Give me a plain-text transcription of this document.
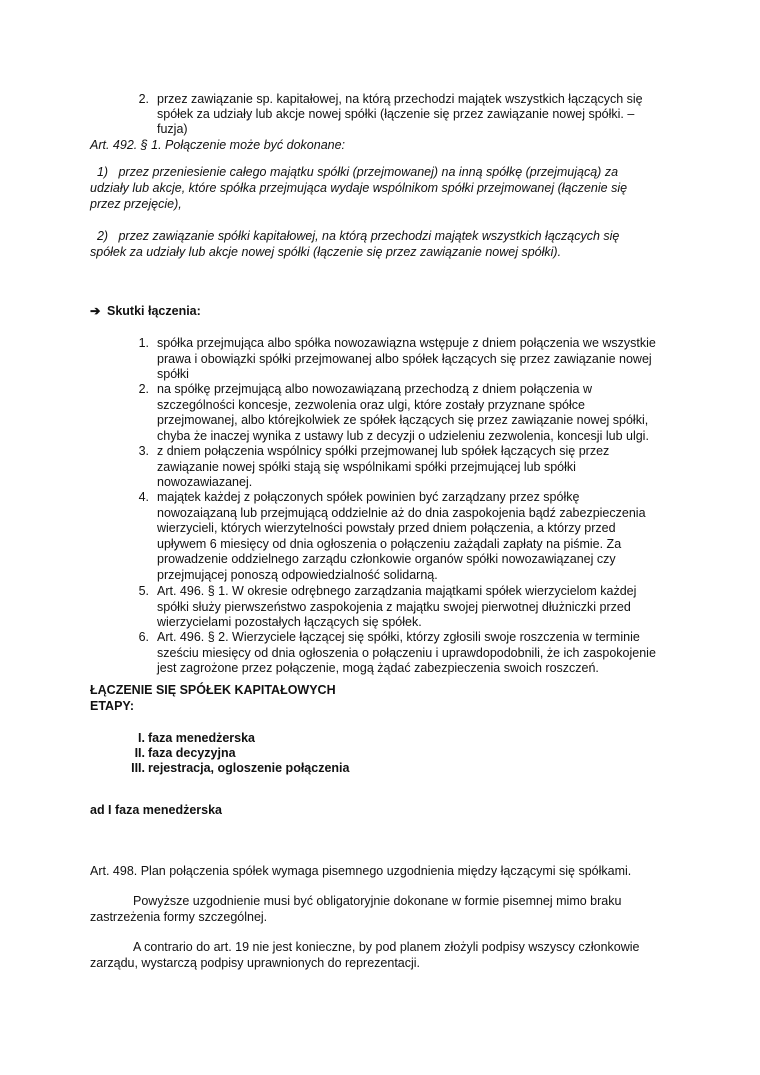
2. przez zawiązanie sp. kapitałowej, na którą przechodzi majątek wszystkich łączących się
spółek za udziały lub akcje nowej spółki (łączenie się przez zawiązanie nowej spółki. –
fuzja)
Art. 492. § 1. Połączenie może być dokonane:
1)   przez przeniesienie całego majątku spółki (przejmowanej) na inną spółkę (przejmującą) za
udziały lub akcje, które spółka przejmująca wydaje wspólnikom spółki przejmowanej (łączenie się
przez przejęcie),
2)   przez zawiązanie spółki kapitałowej, na którą przechodzi majątek wszystkich łączących się
spółek za udziały lub akcje nowej spółki (łączenie się przez zawiązanie nowej spółki).
➔ Skutki łączenia:
1. spółka przejmująca albo spółka nowozawiązna wstępuje z dniem połączenia we wszystkie
prawa i obowiązki spółki przejmowanej albo spółek łączących się przez zawiązanie nowej
spółki
2. na spółkę przejmującą albo nowozawiązaną przechodzą z dniem połączenia w
szczególności koncesje, zezwolenia oraz ulgi, które zostały przyznane spółce
przejmowanej, albo którejkolwiek ze spółek łączących się przez zawiązanie nowej spółki,
chyba że inaczej wynika z ustawy lub z decyzji o udzieleniu zezwolenia, koncesji lub ulgi.
3. z dniem połączenia wspólnicy spółki przejmowanej lub spółek łączących się przez
zawiązanie nowej spółki stają się wspólnikami spółki przejmującej lub spółki
nowozawiazanej.
4. majątek każdej z połączonych spółek powinien być zarządzany przez spółkę
nowozaiązaną lub przejmującą oddzielnie aż do dnia zaspokojenia bądź zabezpieczenia
wierzycieli, których wierzytelności powstały przed dniem połączenia, a którzy przed
upływem 6 miesięcy od dnia ogłoszenia o połączeniu zażądali zapłaty na piśmie. Za
prowadzenie oddzielnego zarządu członkowie organów spółki nowozawiązanej czy
przejmującej ponoszą odpowiedzialność solidarną.
5. Art. 496. § 1. W okresie odrębnego zarządzania majątkami spółek wierzycielom każdej
spółki służy pierwszeństwo zaspokojenia z majątku swojej pierwotnej dłużniczki przed
wierzycielami pozostałych łączących się spółek.
6. Art. 496. § 2. Wierzyciele łączącej się spółki, którzy zgłosili swoje roszczenia w terminie
sześciu miesięcy od dnia ogłoszenia o połączeniu i uprawdopodobnili, że ich zaspokojenie
jest zagrożone przez połączenie, mogą żądać zabezpieczenia swoich roszczeń.
ŁĄCZENIE SIĘ SPÓŁEK KAPITAŁOWYCH
ETAPY:
I. faza menedżerska
II. faza decyzyjna
III. rejestracja, ogloszenie połączenia
ad I faza menedżerska
Art. 498. Plan połączenia spółek wymaga pisemnego uzgodnienia między łączącymi się spółkami.
Powyższe uzgodnienie musi być obligatoryjnie dokonane w formie pisemnej mimo braku
zastrzeżenia formy szczególnej.
A contrario do art. 19 nie jest konieczne, by pod planem złożyli podpisy wszyscy członkowie
zarządu, wystarczą podpisy uprawnionych do reprezentacji.
